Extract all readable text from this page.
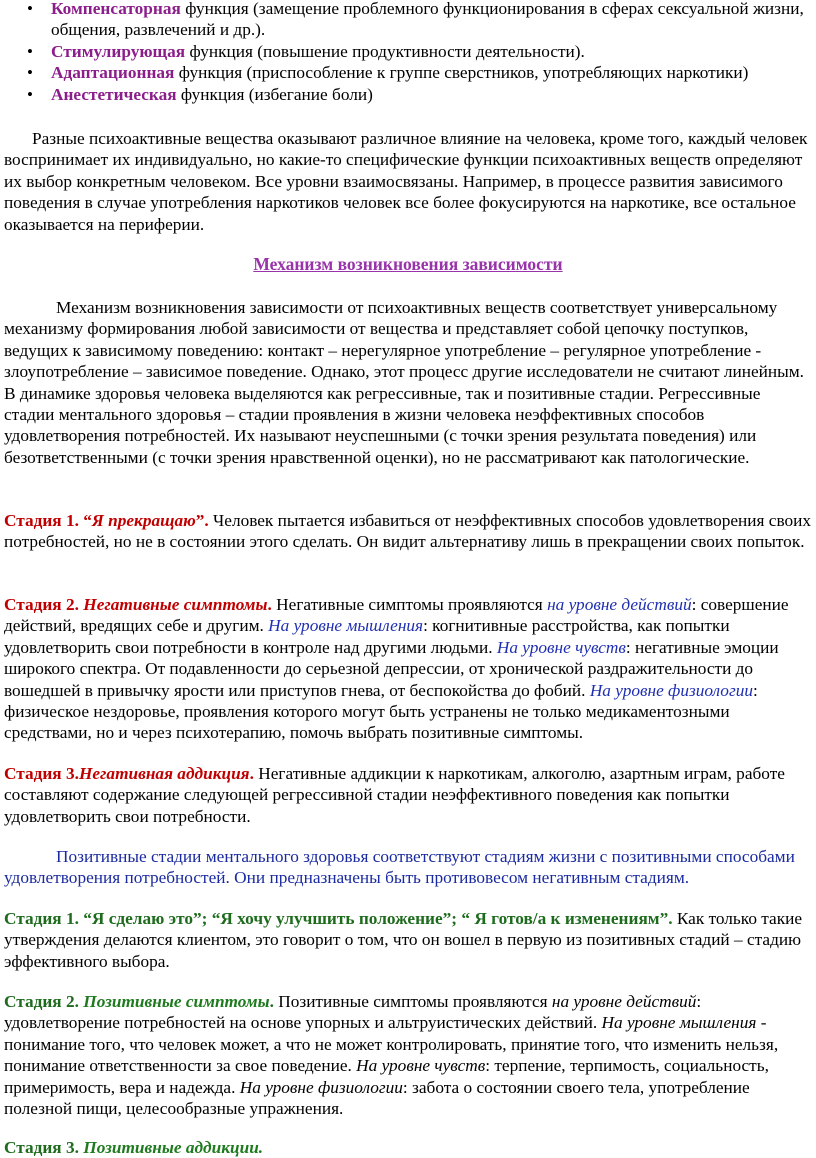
• Компенсаторная функция (замещение проблемного функционирования в сферах сексуальной жизни, общения, развлечений и др.).
• Стимулирующая функция (повышение продуктивности деятельности).
• Адаптационная функция (приспособление к группе сверстников, употребляющих наркотики)
• Анестетическая функция (избегание боли)

Разные психоактивные вещества оказывают различное влияние на человека, кроме того, каждый человек воспринимает их индивидуально, но какие-то специфические функции психоактивных веществ определяют их выбор конкретным человеком. Все уровни взаимосвязаны. Например, в процессе развития зависимого поведения в случае употребления наркотиков человек все более фокусируются на наркотике, все остальное оказывается на периферии.

Механизм возникновения зависимости

Механизм возникновения зависимости от психоактивных веществ соответствует универсальному механизму формирования любой зависимости от вещества и представляет собой цепочку поступков, ведущих к зависимому поведению: контакт – нерегулярное употребление – регулярное употребление - злоупотребление – зависимое поведение. Однако, этот процесс другие исследователи не считают линейным. В динамике здоровья человека выделяются как регрессивные, так и позитивные стадии. Регрессивные стадии ментального здоровья – стадии проявления в жизни человека неэффективных способов удовлетворения потребностей. Их называют неуспешными (с точки зрения результата поведения) или безответственными (с точки зрения нравственной оценки), но не рассматривают как патологические.

Стадия 1. “Я прекращаю”. Человек пытается избавиться от неэффективных способов удовлетворения своих потребностей, но не в состоянии этого сделать. Он видит альтернативу лишь в прекращении своих попыток.

Стадия 2. Негативные симптомы. Негативные симптомы проявляются на уровне действий: совершение действий, вредящих себе и другим. На уровне мышления: когнитивные расстройства, как попытки удовлетворить свои потребности в контроле над другими людьми. На уровне чувств: негативные эмоции широкого спектра. От подавленности до серьезной депрессии, от хронической раздражительности до вошедшей в привычку ярости или приступов гнева, от беспокойства до фобий. На уровне физиологии: физическое нездоровье, проявления которого могут быть устранены не только медикаментозными средствами, но и через психотерапию, помочь выбрать позитивные симптомы.

Стадия 3.Негативная аддикция. Негативные аддикции к наркотикам, алкоголю, азартным играм, работе составляют содержание следующей регрессивной стадии неэффективного поведения как попытки удовлетворить свои потребности.

Позитивные стадии ментального здоровья соответствуют стадиям жизни с позитивными способами удовлетворения потребностей. Они предназначены быть противовесом негативным стадиям.

Стадия 1. “Я сделаю это”; “Я хочу улучшить положение”; “ Я готов/а к изменениям”. Как только такие утверждения делаются клиентом, это говорит о том, что он вошел в первую из позитивных стадий – стадию эффективного выбора.

Стадия 2. Позитивные симптомы. Позитивные симптомы проявляются на уровне действий: удовлетворение потребностей на основе упорных и альтруистических действий. На уровне мышления - понимание того, что человек может, а что не может контролировать, принятие того, что изменить нельзя, понимание ответственности за свое поведение. На уровне чувств: терпение, терпимость, социальность, примеримость, вера и надежда. На уровне физиологии: забота о состоянии своего тела, употребление полезной пищи, целесообразные упражнения.

Стадия 3. Позитивные аддикции.
